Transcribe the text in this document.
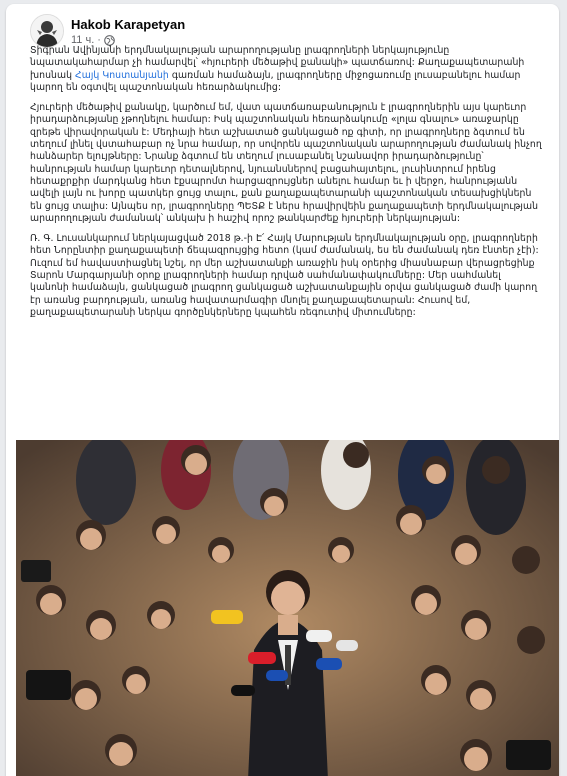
Hakob Karapetyan
11 ч. ·

Տիգրան Ավինյանի երդմնակալության արարողությանը լրագրողների ներկայությունը նպատակահարմար չի համարվել՝ «հյուրերի մեծաթիվ քանակի» պատճառով: Քաղաքապետարանի խոսնակ Հայկ Կոստանյանի գառման համաձայն, լրագրողները միջոցառումը լուսաբանելու համար կարող են օգտվել պաշտոնական հեռարձակումից:

Հյուրերի մեծաթիվ քանակը, կարծում եմ, վատ պատճառաբանություն է լրագրողներին այս կարեւոր իրադարձությանը չթողնելու համար: Իսկ պաշտոնական հեռարձակումը «լոլա գնալու» առաջարկը զրեթե վիրավորական է: Մեդիայի հետ աշխատած ցանկացած ոք գիտի, որ լրագրողները ձգտում են տեղում լինել վստահաբար ոչ նրա համար, որ սովորեն պաշտոնական արարողության ժամանակ ինչող հանձարեր ելույթները: Նրանք ձգտում են տեղում լուսաբանել նշանավոր իրադարձությունը՝ հանրության համար կարեւոր դետալներով, նյուանսներով բացահայտելու, լուսինտրում իրենց հետաքրքիր մարդկանց հետ էքսպրոմտ հարցազրույցներ անելու համար եւ ի վերջո, հանրությանն ավելի լայն ու խորը պատկեր ցույց տալու, քան քաղաքապետարանի պաշտոնական տեսախցիկներն են ցույց տալիս: Այնպես որ, լրագրողները ՊԵՏՔ է ներս հրավիրվեին քաղաքապետի երդմնակալության արարողության ժամանակ՝ անկախ ի հաշիվ որոշ թանկարժեք հյուրերի ներկայության:

Ռ. Գ. Լուսանկարում ներկայացված 2018 թ.-ի Է՛ Հայկ Մարության երդմնակալության օրը, լրագրողների հետ Նորընտիր քաղաքապետի ճեպազրույցից հետո (կամ ժամանակ, ես են ժամանակ դեռ էնտեր չէի): Ուզում եմ հավաստիացնել նշել, որ մեր աշխատանքի առաջին իսկ օրերից միասնաբար վերացրեցինք Տարոն Մարգարյանի օրոք լրագրողների համար դրված սահմանափակումները: Մեր սահմանել կանոնի համաձայն, ցանկացած լրագրող ցանկացած աշխատանքային օրվա ցանկացած ժամի կարող էր առանց բարդության, առանց հավատարմագիր մնոլել քաղաքապետարան: Հուսով եմ, քաղաքապետարանի ներկա գործընկերները կպահեն ռեգուտիվ միտումները:
